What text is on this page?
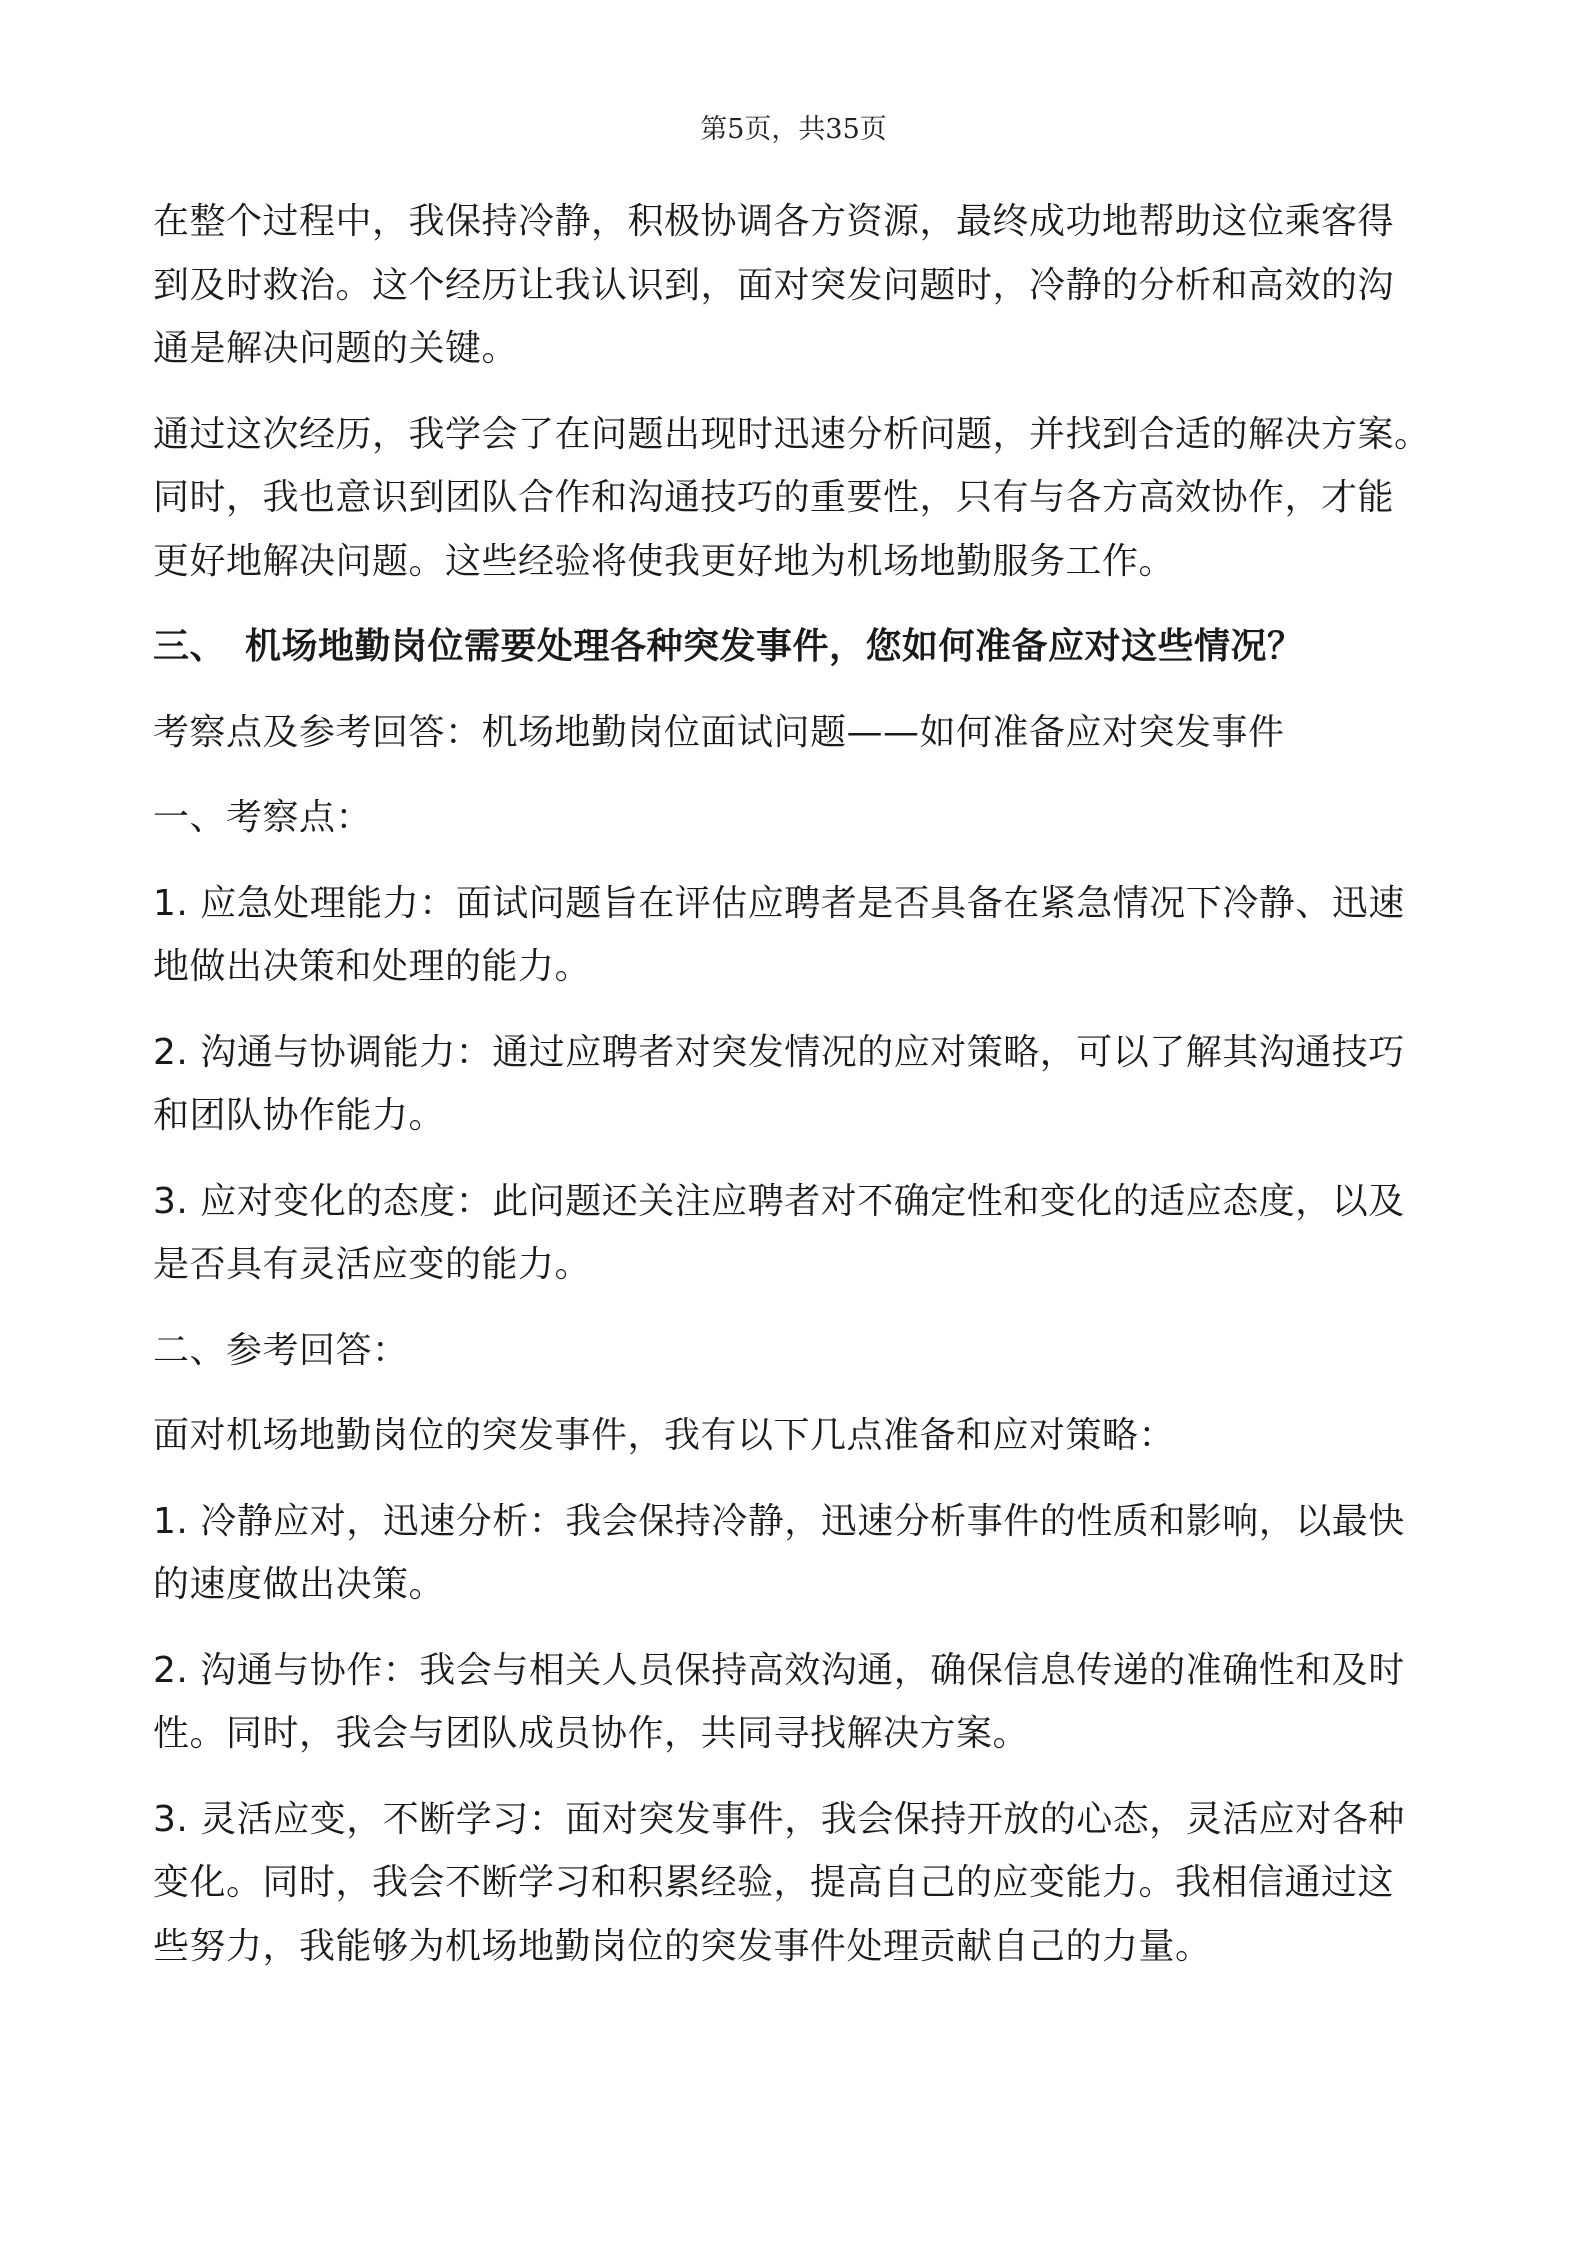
第5页，共35页

在整个过程中，我保持冷静，积极协调各方资源，最终成功地帮助这位乘客得
到及时救治。这个经历让我认识到，面对突发问题时，冷静的分析和高效的沟
通是解决问题的关键。

通过这次经历，我学会了在问题出现时迅速分析问题，并找到合适的解决方案。
同时，我也意识到团队合作和沟通技巧的重要性，只有与各方高效协作，才能
更好地解决问题。这些经验将使我更好地为机场地勤服务工作。

三、 机场地勤岗位需要处理各种突发事件，您如何准备应对这些情况？

考察点及参考回答：机场地勤岗位面试问题——如何准备应对突发事件

一、考察点：

1. 应急处理能力：面试问题旨在评估应聘者是否具备在紧急情况下冷静、迅速
地做出决策和处理的能力。

2. 沟通与协调能力：通过应聘者对突发情况的应对策略，可以了解其沟通技巧
和团队协作能力。

3. 应对变化的态度：此问题还关注应聘者对不确定性和变化的适应态度，以及
是否具有灵活应变的能力。

二、参考回答：

面对机场地勤岗位的突发事件，我有以下几点准备和应对策略：

1. 冷静应对，迅速分析：我会保持冷静，迅速分析事件的性质和影响，以最快
的速度做出决策。

2. 沟通与协作：我会与相关人员保持高效沟通，确保信息传递的准确性和及时
性。同时，我会与团队成员协作，共同寻找解决方案。

3. 灵活应变，不断学习：面对突发事件，我会保持开放的心态，灵活应对各种
变化。同时，我会不断学习和积累经验，提高自己的应变能力。我相信通过这
些努力，我能够为机场地勤岗位的突发事件处理贡献自己的力量。
